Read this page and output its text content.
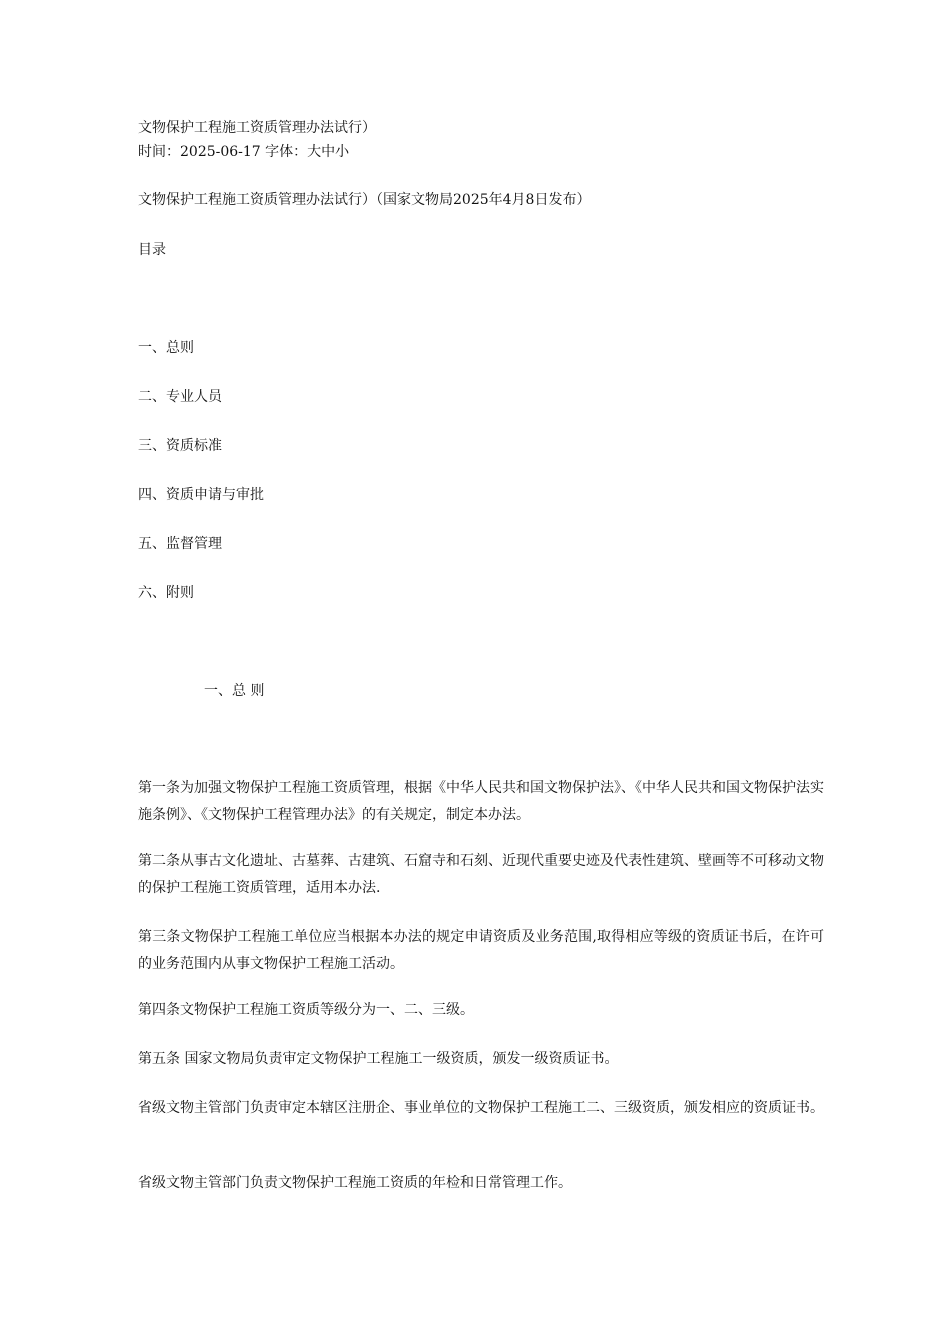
文物保护工程施工资质管理办法试行）
时间：2025-06-17 字体：大中小
文物保护工程施工资质管理办法试行）（国家文物局2025年4月8日发布）
目录
一、总则
二、专业人员
三、资质标准
四、资质申请与审批
五、监督管理
六、附则
一、总 则
第一条为加强文物保护工程施工资质管理，根据《中华人民共和国文物保护法》、《中华人民共和国文物保护法实施条例》、《文物保护工程管理办法》的有关规定，制定本办法。
第二条从事古文化遗址、古墓葬、古建筑、石窟寺和石刻、近现代重要史迹及代表性建筑、壁画等不可移动文物的保护工程施工资质管理，适用本办法.
第三条文物保护工程施工单位应当根据本办法的规定申请资质及业务范围,取得相应等级的资质证书后，在许可的业务范围内从事文物保护工程施工活动。
第四条文物保护工程施工资质等级分为一、二、三级。
第五条 国家文物局负责审定文物保护工程施工一级资质，颁发一级资质证书。
省级文物主管部门负责审定本辖区注册企、事业单位的文物保护工程施工二、三级资质，颁发相应的资质证书。
省级文物主管部门负责文物保护工程施工资质的年检和日常管理工作。
